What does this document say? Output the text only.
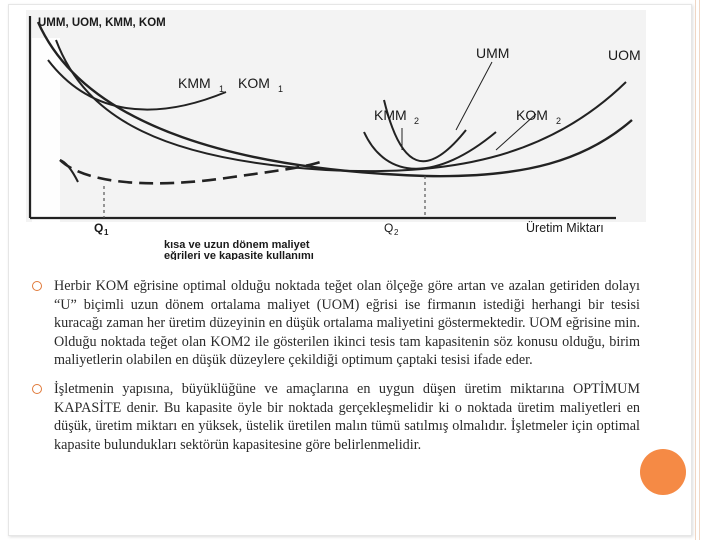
UMM, UOM, KMM, KOM
UMM	UOM
KMM 1 KOM 1
KMM 2	KOM 2
Q 1	Q 2	Üretim Miktarı
kısa ve uzun dönem maliyet
eğrileri ve kapasite kullanımı
Herbir KOM eğrisine optimal olduğu noktada teğet olan ölçeğe göre artan ve azalan getiriden dolayı “U” biçimli uzun dönem ortalama maliyet (UOM) eğrisi ise firmanın istediği herhangi bir tesisi kuracağı zaman her üretim düzeyinin en düşük ortalama maliyetini göstermektedir. UOM eğrisine min. Olduğu noktada teğet olan KOM2 ile gösterilen ikinci tesis tam kapasitenin söz konusu olduğu, birim maliyetlerin olabilen en düşük düzeylere çekildiği optimum çaptaki tesisi ifade eder.
İşletmenin yapısına, büyüklüğüne ve amaçlarına en uygun düşen üretim miktarına OPTİMUM KAPASİTE denir. Bu kapasite öyle bir noktada gerçekleşmelidir ki o noktada üretim maliyetleri en düşük, üretim miktarı en yüksek, üstelik üretilen malın tümü satılmış olmalıdır. İşletmeler için optimal kapasite bulundukları sektörün kapasitesine göre belirlenmelidir.
